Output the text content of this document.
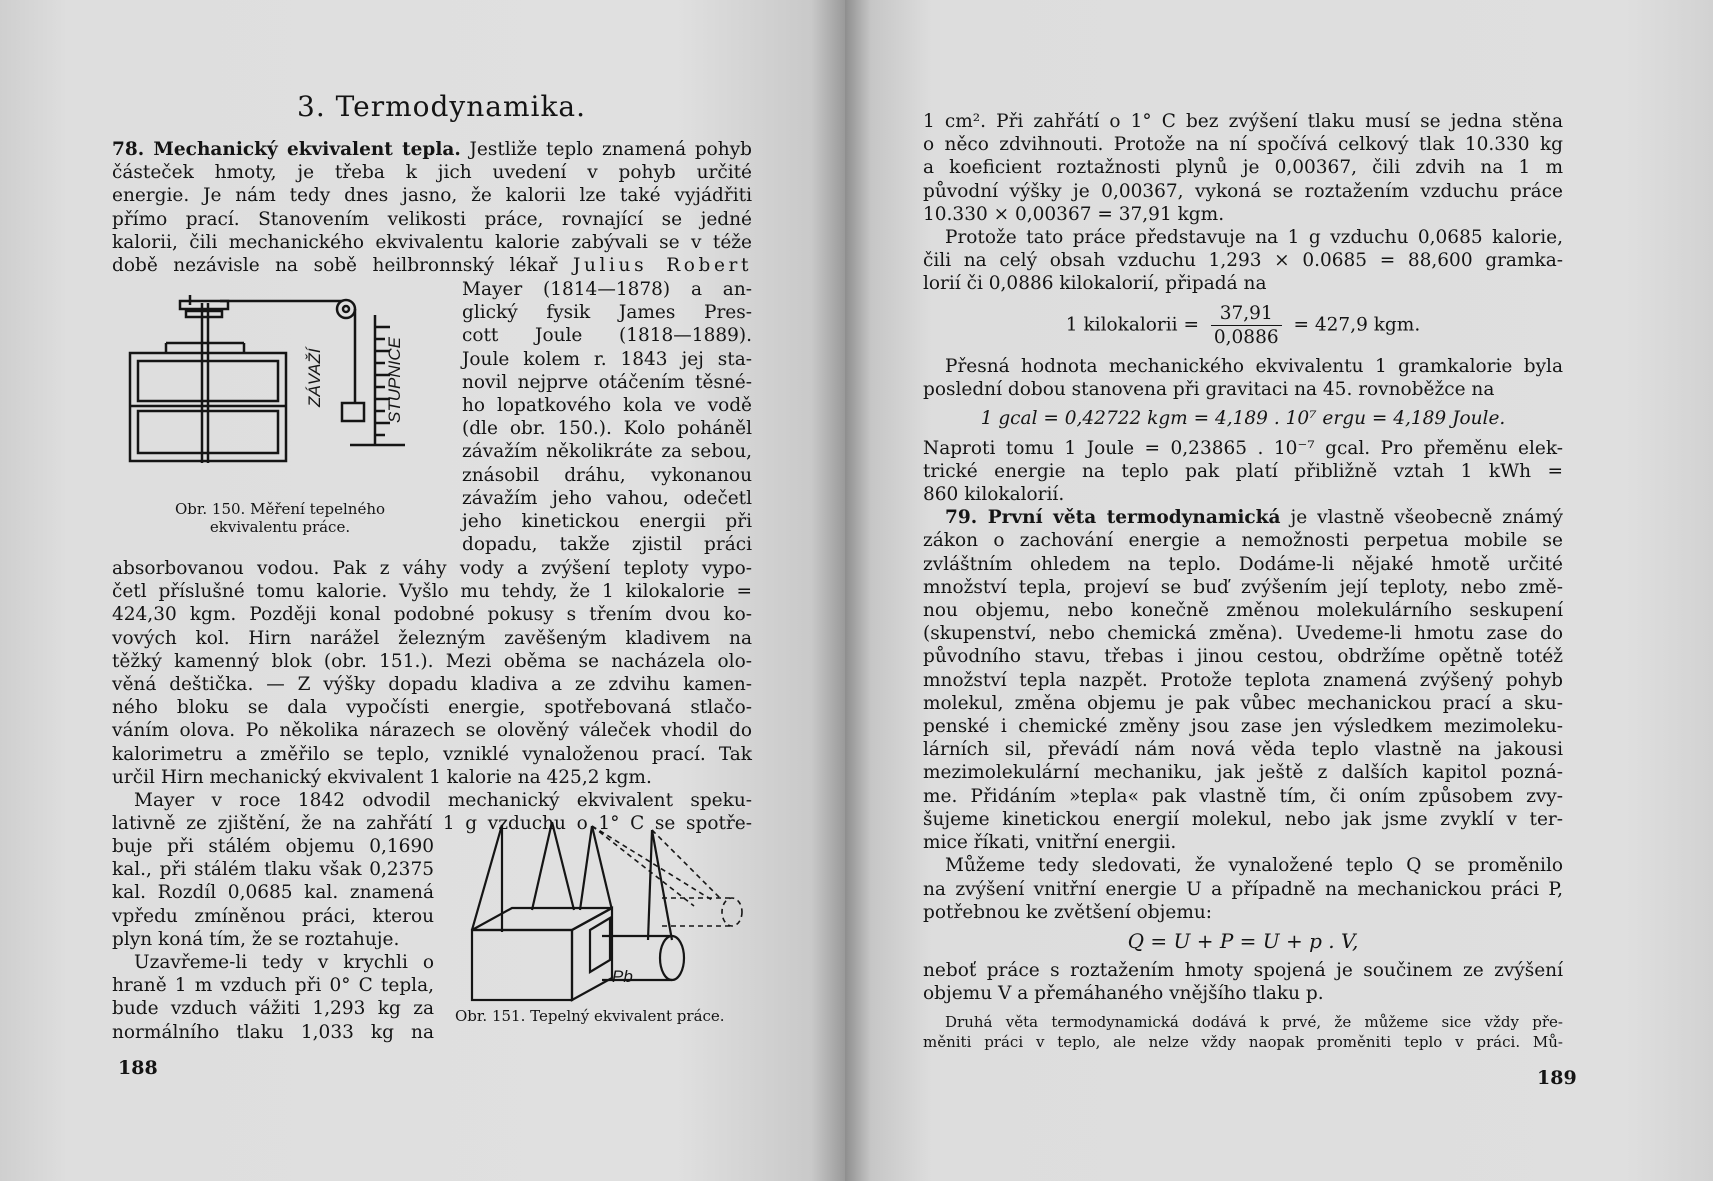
3. Termodynamika.

78. Mechanický ekvivalent tepla. Jestliže teplo znamená pohyb

částeček hmoty, je třeba k jich uvedení v pohyb určité

energie. Je nám tedy dnes jasno, že kalorii lze také vyjádřiti

přímo prací. Stanovením velikosti práce, rovnající se jedné

kalorii, čili mechanického ekvivalentu kalorie zabývali se v téže

době nezávisle na sobě heilbronnský lékař Julius Robert

ZÁVAŽÍ	STUPNICE
Obr. 150. Měření tepelného
ekvivalentu práce.

Mayer (1814—1878) a an-

glický fysik James Pres-

cott Joule (1818—1889).

Joule kolem r. 1843 jej sta-

novil nejprve otáčením těsné-

ho lopatkového kola ve vodě

(dle obr. 150.). Kolo poháněl

závažím několikráte za sebou,

znásobil dráhu, vykonanou

závažím jeho vahou, odečetl

jeho kinetickou energii při

dopadu, takže zjistil práci

absorbovanou vodou. Pak z váhy vody a zvýšení teploty vypo-

četl příslušné tomu kalorie. Vyšlo mu tehdy, že 1 kilokalorie =

424,30 kgm. Později konal podobné pokusy s třením dvou ko-

vových kol. Hirn narážel železným zavěšeným kladivem na

těžký kamenný blok (obr. 151.). Mezi oběma se nacházela olo-

věná deštička. — Z výšky dopadu kladiva a ze zdvihu kamen-

ného bloku se dala vypočísti energie, spotřebovaná stlačo-

váním olova. Po několika nárazech se olověný váleček vhodil do

kalorimetru a změřilo se teplo, vzniklé vynaloženou prací. Tak

určil Hirn mechanický ekvivalent 1 kalorie na 425,2 kgm.

Mayer v roce 1842 odvodil mechanický ekvivalent speku-

lativně ze zjištění, že na zahřátí 1 g vzduchu o 1° C se spotře-

buje při stálém objemu 0,1690

kal., při stálém tlaku však 0,2375

kal. Rozdíl 0,0685 kal. znamená

vpředu zmíněnou práci, kterou

plyn koná tím, že se roztahuje.

Uzavřeme-li tedy v krychli o

hraně 1 m vzduch při 0° C tepla,

bude vzduch vážiti 1,293 kg za

normálního tlaku 1,033 kg na

Pb
Obr. 151. Tepelný ekvivalent práce.
188

1 cm². Při zahřátí o 1° C bez zvýšení tlaku musí se jedna stěna

o něco zdvihnouti. Protože na ní spočívá celkový tlak 10.330 kg

a koeficient roztažnosti plynů je 0,00367, čili zdvih na 1 m

původní výšky je 0,00367, vykoná se roztažením vzduchu práce

10.330 × 0,00367 = 37,91 kgm.

Protože tato práce představuje na 1 g vzduchu 0,0685 kalorie,

čili na celý obsah vzduchu 1,293 × 0.0685 = 88,600 gramka-

lorií či 0,0886 kilokalorií, připadá na

1 kilokalorii = $\frac{37,91}{0,0886} = 427,9$ kgm.

Přesná hodnota mechanického ekvivalentu 1 gramkalorie byla

poslední dobou stanovena při gravitaci na 45. rovnoběžce na

1 gcal = 0,42722 kgm = 4,189 . 10⁷ ergu = 4,189 Joule.

Naproti tomu 1 Joule = 0,23865 . 10⁻⁷ gcal. Pro přeměnu elek-

trické energie na teplo pak platí přibližně vztah 1 kWh =

860 kilokalorií.

79. První věta termodynamická je vlastně všeobecně známý

zákon o zachování energie a nemožnosti perpetua mobile se

zvláštním ohledem na teplo. Dodáme-li nějaké hmotě určité

množství tepla, projeví se buď zvýšením její teploty, nebo změ-

nou objemu, nebo konečně změnou molekulárního seskupení

(skupenství, nebo chemická změna). Uvedeme-li hmotu zase do

původního stavu, třebas i jinou cestou, obdržíme opětně totéž

množství tepla nazpět. Protože teplota znamená zvýšený pohyb

molekul, změna objemu je pak vůbec mechanickou prací a sku-

penské i chemické změny jsou zase jen výsledkem mezimoleku-

lárních sil, převádí nám nová věda teplo vlastně na jakousi

mezimolekulární mechaniku, jak ještě z dalších kapitol pozná-

me. Přidáním »tepla« pak vlastně tím, či oním způsobem zvy-

šujeme kinetickou energií molekul, nebo jak jsme zvyklí v ter-

mice říkati, vnitřní energii.

Můžeme tedy sledovati, že vynaložené teplo Q se proměnilo

na zvýšení vnitřní energie U a případně na mechanickou práci P,

potřebnou ke zvětšení objemu:

Q = U + P = U + p . V,

neboť práce s roztažením hmoty spojená je součinem ze zvýšení

objemu V a přemáhaného vnějšího tlaku p.

Druhá věta termodynamická dodává k prvé, že můžeme sice vždy pře-

měniti práci v teplo, ale nelze vždy naopak proměniti teplo v práci. Mů-

189
